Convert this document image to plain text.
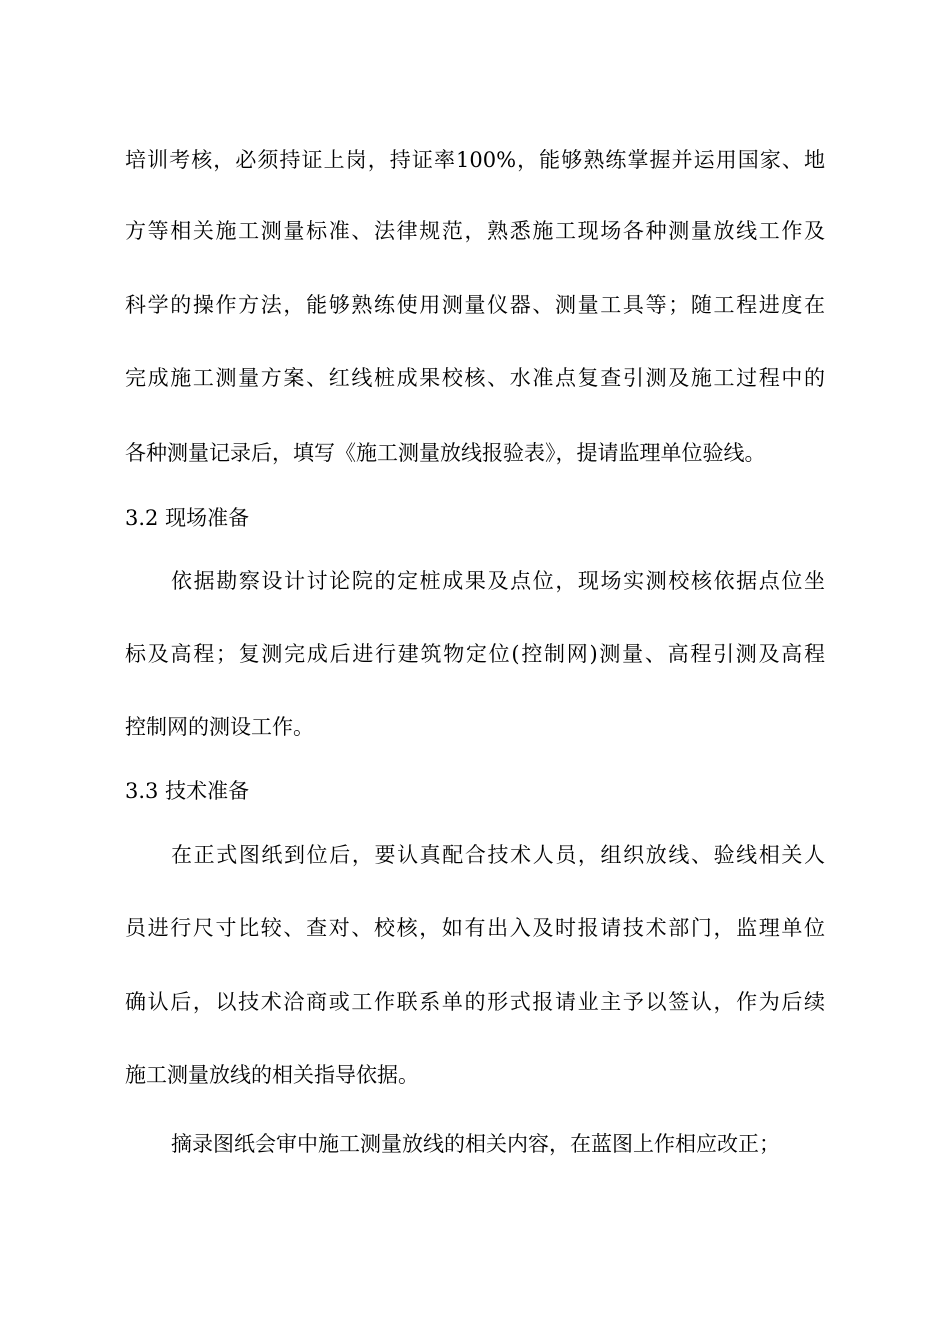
培训考核，必须持证上岗，持证率100%，能够熟练掌握并运用国家、地
方等相关施工测量标准、法律规范，熟悉施工现场各种测量放线工作及
科学的操作方法，能够熟练使用测量仪器、测量工具等；随工程进度在
完成施工测量方案、红线桩成果校核、水准点复查引测及施工过程中的
各种测量记录后，填写《施工测量放线报验表》，提请监理单位验线。
3.2 现场准备
依据勘察设计讨论院的定桩成果及点位，现场实测校核依据点位坐
标及高程；复测完成后进行建筑物定位(控制网)测量、高程引测及高程
控制网的测设工作。
3.3 技术准备
在正式图纸到位后，要认真配合技术人员，组织放线、验线相关人
员进行尺寸比较、查对、校核，如有出入及时报请技术部门，监理单位
确认后，以技术洽商或工作联系单的形式报请业主予以签认，作为后续
施工测量放线的相关指导依据。
摘录图纸会审中施工测量放线的相关内容，在蓝图上作相应改正；
